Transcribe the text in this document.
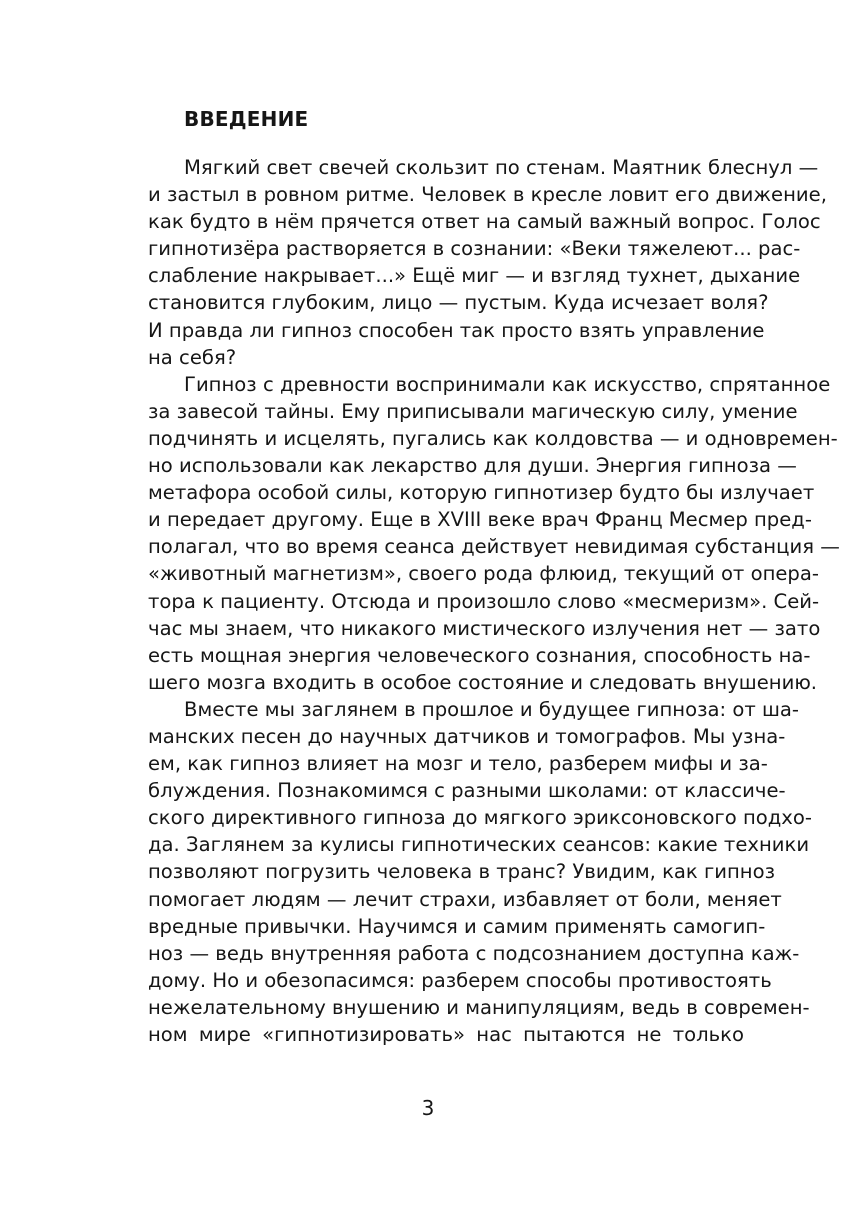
ВВЕДЕНИЕ

Мягкий свет свечей скользит по стенам. Маятник блеснул —
и застыл в ровном ритме. Человек в кресле ловит его движение,
как будто в нём прячется ответ на самый важный вопрос. Голос
гипнотизёра растворяется в сознании: «Веки тяжелеют... рас-
слабление накрывает...» Ещё миг — и взгляд тухнет, дыхание
становится глубоким, лицо — пустым. Куда исчезает воля?
И правда ли гипноз способен так просто взять управление
на себя?

Гипноз с древности воспринимали как искусство, спрятанное
за завесой тайны. Ему приписывали магическую силу, умение
подчинять и исцелять, пугались как колдовства — и одновремен-
но использовали как лекарство для души. Энергия гипноза —
метафора особой силы, которую гипнотизер будто бы излучает
и передает другому. Еще в XVIII веке врач Франц Месмер пред-
полагал, что во время сеанса действует невидимая субстанция —
«животный магнетизм», своего рода флюид, текущий от опера-
тора к пациенту. Отсюда и произошло слово «месмеризм». Сей-
час мы знаем, что никакого мистического излучения нет — зато
есть мощная энергия человеческого сознания, способность на-
шего мозга входить в особое состояние и следовать внушению.

Вместе мы заглянем в прошлое и будущее гипноза: от ша-
манских песен до научных датчиков и томографов. Мы узна-
ем, как гипноз влияет на мозг и тело, разберем мифы и за-
блуждения. Познакомимся с разными школами: от классиче-
ского директивного гипноза до мягкого эриксоновского подхо-
да. Заглянем за кулисы гипнотических сеансов: какие техники
позволяют погрузить человека в транс? Увидим, как гипноз
помогает людям — лечит страхи, избавляет от боли, меняет
вредные привычки. Научимся и самим применять самогип-
ноз — ведь внутренняя работа с подсознанием доступна каж-
дому. Но и обезопасимся: разберем способы противостоять
нежелательному внушению и манипуляциям, ведь в современ-
ном мире «гипнотизировать» нас пытаются не только

3
